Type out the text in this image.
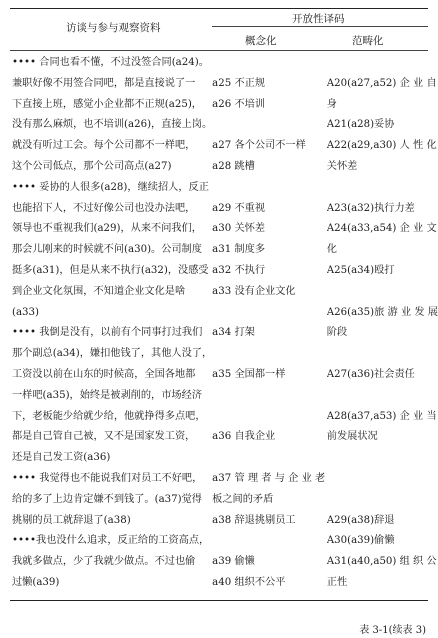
访谈与参与观察资料
开放性译码
概念化	范畴化
•••• 合同也看不懂，不过没签合同(a24)。		
兼职好像不用签合同吧，都是直接说了一	a25 不正规	A20(a27,a52) 企 业 自
下直接上班，感觉小企业都不正规(a25)，	a26 不培训	身
没有那么麻烦，也不培训(a26)，直接上岗。		A21(a28)妥协
就没有听过工会。每个公司都不一样吧，	a27 各个公司不一样	A22(a29,a30) 人 性 化
这个公司低点，那个公司高点(a27)	a28 跳槽	关怀差
•••• 妥协的人很多(a28)，继续招人，反正		
也能招下人，不过好像公司也没办法吧，	a29 不重视	A23(a32)执行力差
领导也不重视我们(a29)，从来不问我们，	a30 关怀差	A24(a33,a54) 企 业 文
那会儿刚来的时候就不问(a30)。公司制度	a31 制度多	化
挺多(a31)，但是从来不执行(a32)，没感受	a32 不执行	A25(a34)殴打
到企业文化氛围，不知道企业文化是啥	a33 没有企业文化	
(a33)		A26(a35)旅 游 业 发 展
•••• 我倒是没有，以前有个同事打过我们	a34 打架	阶段
那个副总(a34)，嫌扣他钱了，其他人没了，		
工资没以前在山东的时候高，全国各地都	a35 全国都一样	A27(a36)社会责任
一样吧(a35)，始终是被剥削的，市场经济		
下，老板能少给就少给，他就挣得多点吧，		A28(a37,a53) 企 业 当
都是自己管自己被，又不是国家发工资，	a36 自我企业	前发展状况
还是自己发工资(a36)		
•••• 我觉得也不能说我们对员工不好吧，	a37 管 理 者 与 企 业 老	
给的多了上边肯定嫌不到钱了。(a37)觉得	板之间的矛盾	
挑剔的员工就辞退了(a38)	a38 辞退挑剔员工	A29(a38)辞退
••••我也没什么追求，反正给的工资高点，		A30(a39)偷懒
我就多做点，少了我就少做点。不过也偷	a39 偷懒	A31(a40,a50) 组 织 公
过懒(a39)	a40 组织不公平	正性
表 3-1(续表 3)
